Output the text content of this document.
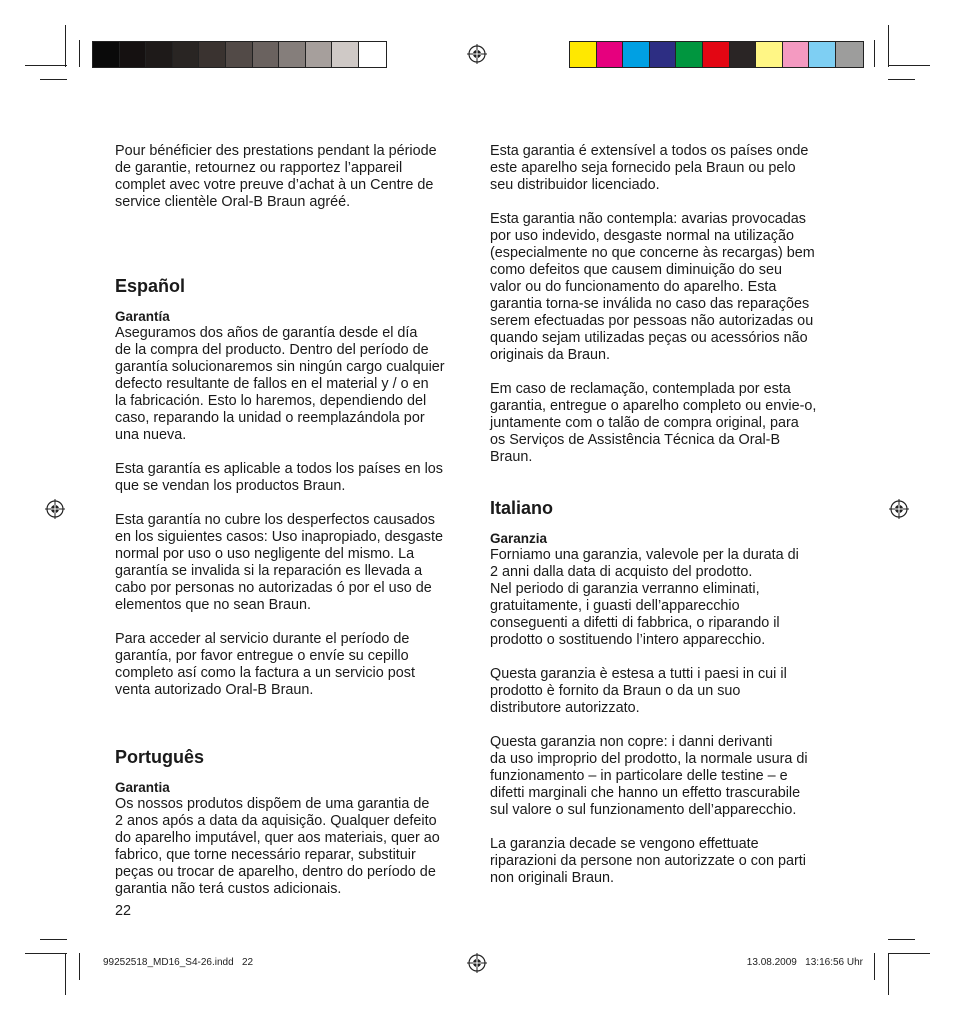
Pour bénéficier des prestations pendant la période
de garantie, retournez ou rapportez l’appareil
complet avec votre preuve d’achat à un Centre de
service clientèle Oral-B Braun agréé.

Español
Garantía

Aseguramos dos años de garantía desde el día
de la compra del producto. Dentro del período de
garantía solucionaremos sin ningún cargo cualquier
defecto resultante de fallos en el material y / o en
la fabricación. Esto lo haremos, dependiendo del
caso, reparando la unidad o reemplazándola por
una nueva.

Esta garantía es aplicable a todos los países en los
que se vendan los productos Braun.

Esta garantía no cubre los desperfectos causados
en los siguientes casos: Uso inapropiado, desgaste
normal por uso o uso negligente del mismo. La
garantía se invalida si la reparación es llevada a
cabo por personas no autorizadas ó por el uso de
elementos que no sean Braun.

Para acceder al servicio durante el período de
garantía, por favor entregue o envíe su cepillo
completo así como la factura a un servicio post
venta autorizado Oral-B Braun.

Português
Garantia

Os nossos produtos dispõem de uma garantia de
2 anos após a data da aquisição. Qualquer defeito
do aparelho imputável, quer aos materiais, quer ao
fabrico, que torne necessário reparar, substituir
peças ou trocar de aparelho, dentro do período de
garantia não terá custos adicionais.

Esta garantia é extensível a todos os países onde
este aparelho seja fornecido pela Braun ou pelo
seu distribuidor licenciado.

Esta garantia não contempla: avarias provocadas
por uso indevido, desgaste normal na utilização
(especialmente no que concerne às recargas) bem
como defeitos que causem diminuição do seu
valor ou do funcionamento do aparelho. Esta
garantia torna-se inválida no caso das reparações
serem efectuadas por pessoas não autorizadas ou
quando sejam utilizadas peças ou acessórios não
originais da Braun.

Em caso de reclamação, contemplada por esta
garantia, entregue o aparelho completo ou envie-o,
juntamente com o talão de compra original, para
os Serviços de Assistência Técnica da Oral-B
Braun.

Italiano
Garanzia

Forniamo una garanzia, valevole per la durata di
2 anni dalla data di acquisto del prodotto.
Nel periodo di garanzia verranno eliminati,
gratuitamente, i guasti dell’apparecchio
conseguenti a difetti di fabbrica, o riparando il
prodotto o sostituendo l’intero apparecchio.

Questa garanzia è estesa a tutti i paesi in cui il
prodotto è fornito da Braun o da un suo
distributore autorizzato.

Questa garanzia non copre: i danni derivanti
da uso improprio del prodotto, la normale usura di
funzionamento – in particolare delle testine – e
difetti marginali che hanno un effetto trascurabile
sul valore o sul funzionamento dell’apparecchio.

La garanzia decade se vengono effettuate
riparazioni da persone non autorizzate o con parti
non originali Braun.

22
99252518_MD16_S4-26.indd   22	13.08.2009   13:16:56 Uhr
